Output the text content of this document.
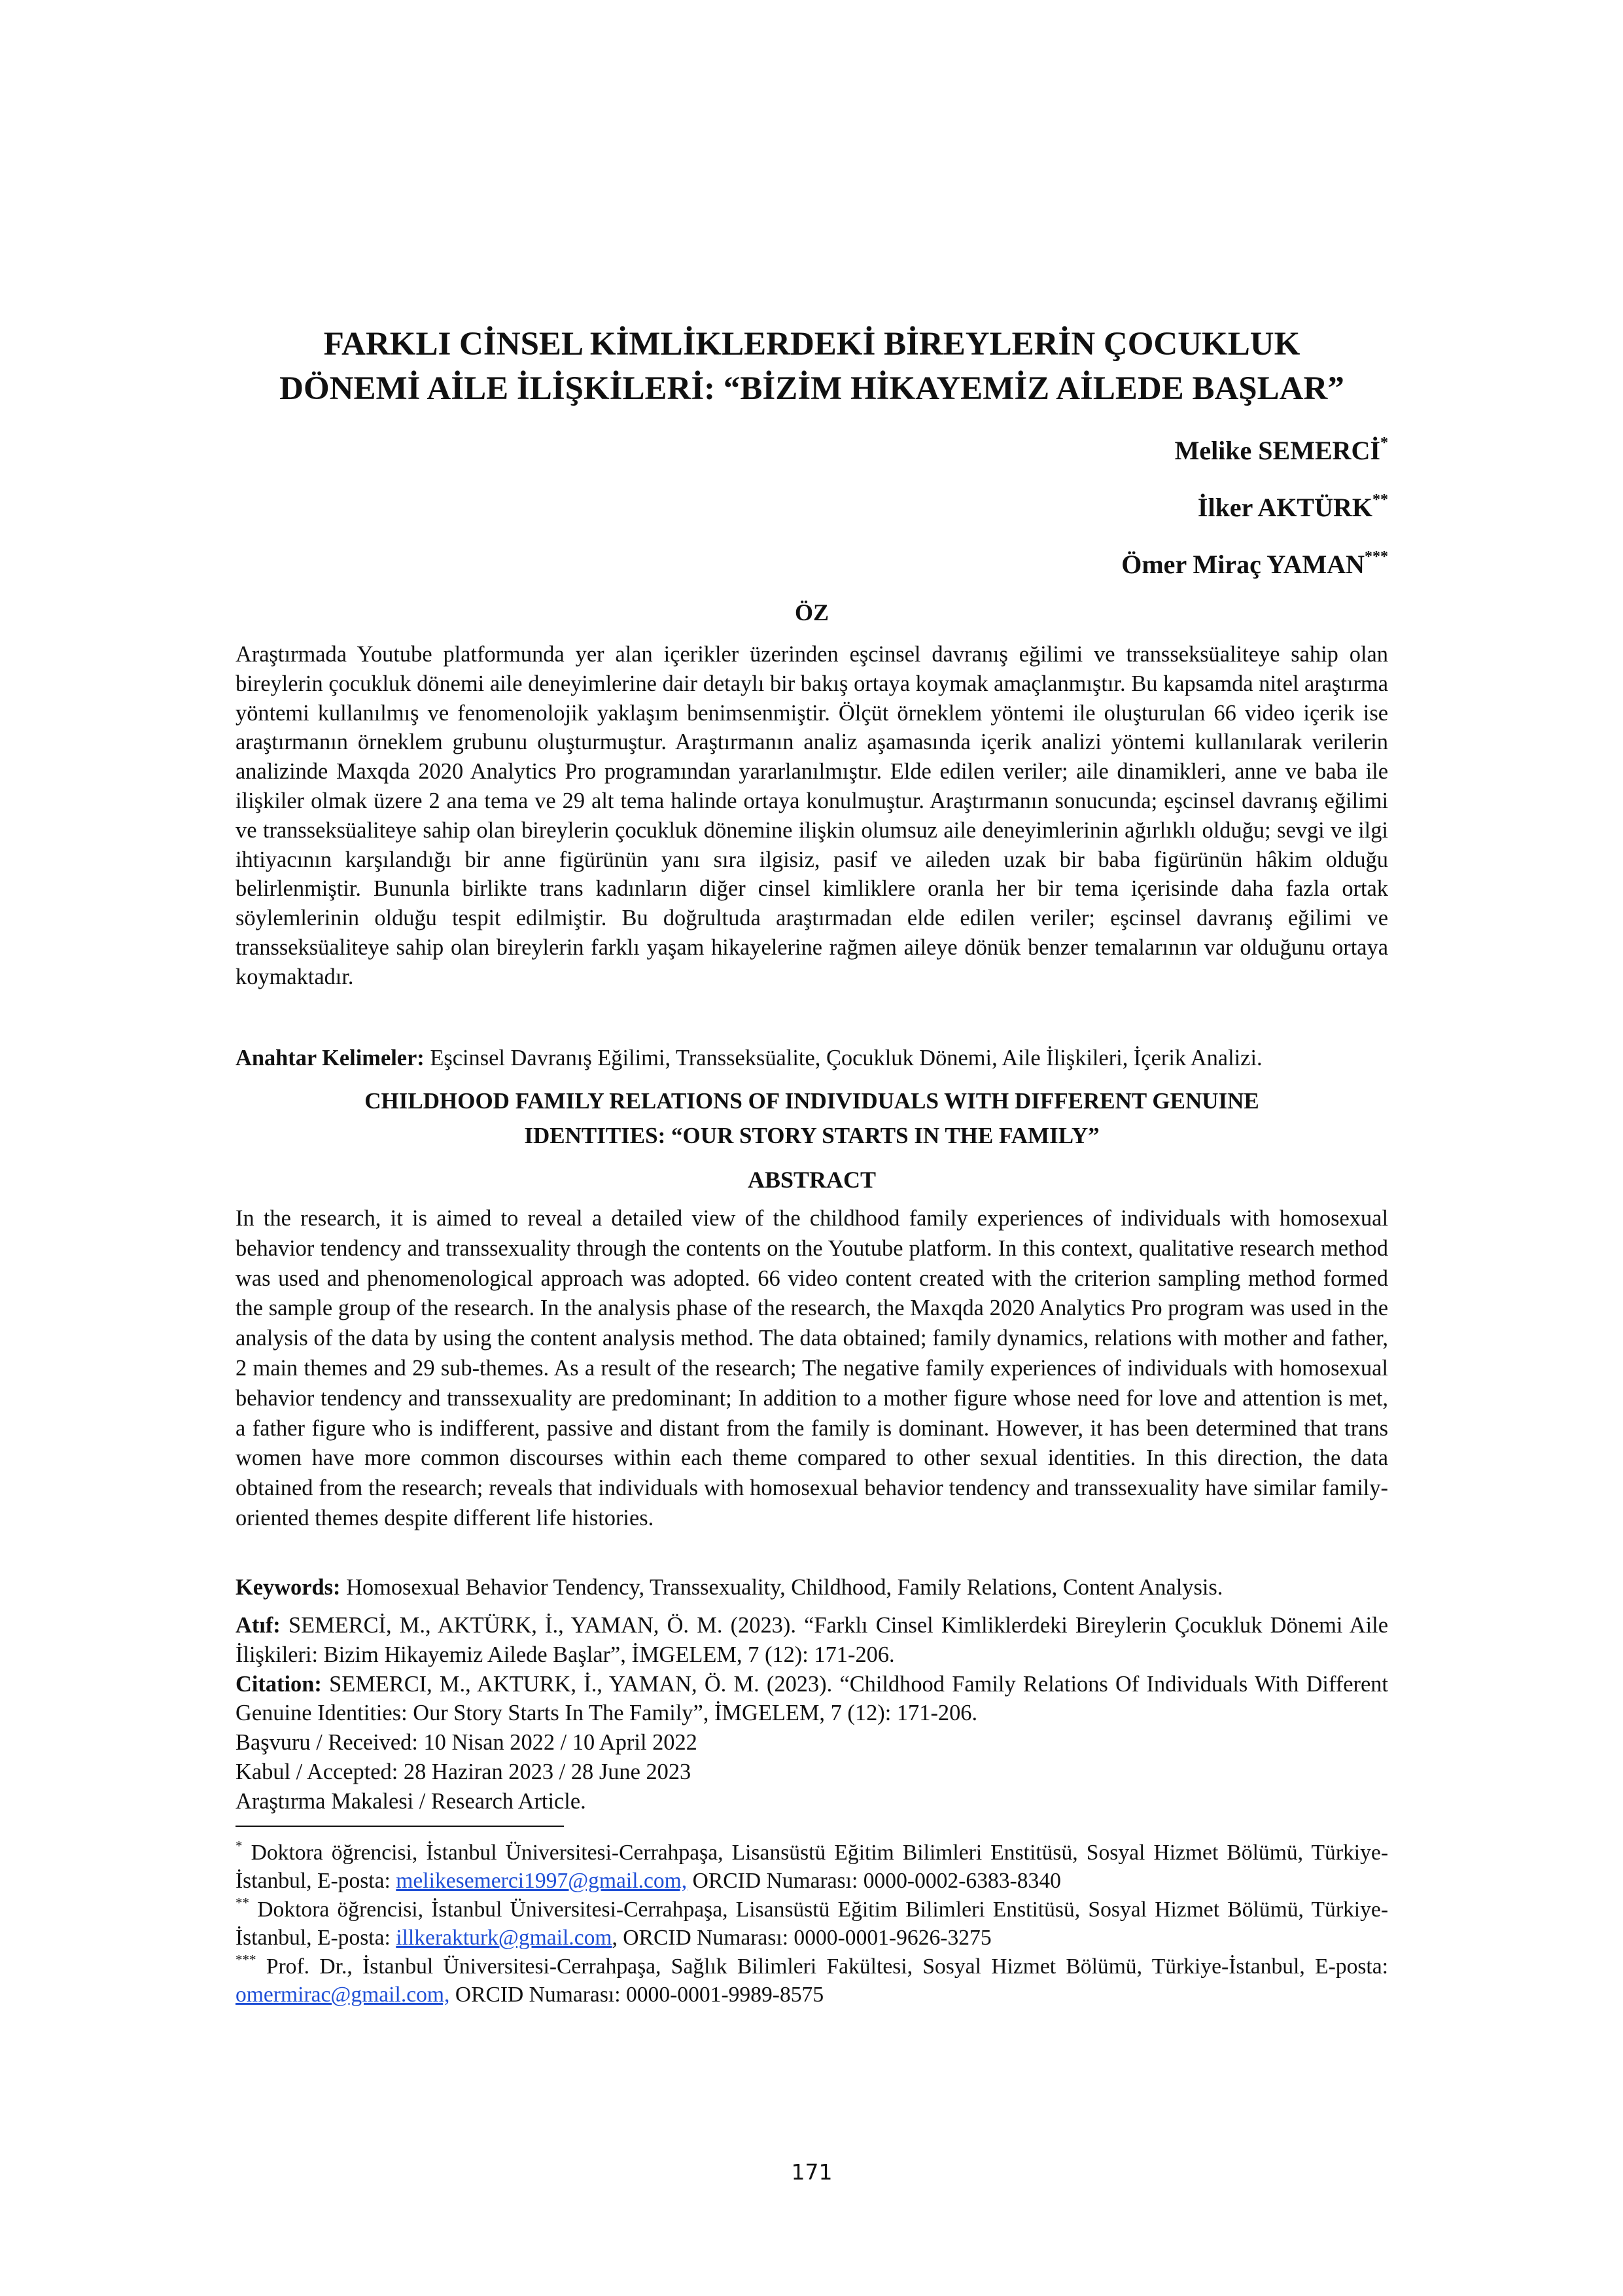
FARKLI CİNSEL KİMLİKLERDEKİ BİREYLERİN ÇOCUKLUK
DÖNEMİ AİLE İLİŞKİLERİ: “BİZİM HİKAYEMİZ AİLEDE BAŞLAR”
Melike SEMERCİ*
İlker AKTÜRK**
Ömer Miraç YAMAN***
ÖZ

Araştırmada Youtube platformunda yer alan içerikler üzerinden eşcinsel davranış eğilimi ve transseksüaliteye sahip olan bireylerin çocukluk dönemi aile deneyimlerine dair detaylı bir bakış ortaya koymak amaçlanmıştır. Bu kapsamda nitel araştırma yöntemi kullanılmış ve fenomenolojik yaklaşım benimsenmiştir. Ölçüt örneklem yöntemi ile oluşturulan 66 video içerik ise araştırmanın örneklem grubunu oluşturmuştur. Araştırmanın analiz aşamasında içerik analizi yöntemi kullanılarak verilerin analizinde Maxqda 2020 Analytics Pro programından yararlanılmıştır. Elde edilen veriler; aile dinamikleri, anne ve baba ile ilişkiler olmak üzere 2 ana tema ve 29 alt tema halinde ortaya konulmuştur. Araştırmanın sonucunda; eşcinsel davranış eğilimi ve transseksüaliteye sahip olan bireylerin çocukluk dönemine ilişkin olumsuz aile deneyimlerinin ağırlıklı olduğu; sevgi ve ilgi ihtiyacının karşılandığı bir anne figürünün yanı sıra ilgisiz, pasif ve aileden uzak bir baba figürünün hâkim olduğu belirlenmiştir. Bununla birlikte trans kadınların diğer cinsel kimliklere oranla her bir tema içerisinde daha fazla ortak söylemlerinin olduğu tespit edilmiştir. Bu doğrultuda araştırmadan elde edilen veriler; eşcinsel davranış eğilimi ve transseksüaliteye sahip olan bireylerin farklı yaşam hikayelerine rağmen aileye dönük benzer temalarının var olduğunu ortaya koymaktadır.

Anahtar Kelimeler: Eşcinsel Davranış Eğilimi, Transseksüalite, Çocukluk Dönemi, Aile İlişkileri, İçerik Analizi.

CHILDHOOD FAMILY RELATIONS OF INDIVIDUALS WITH DIFFERENT GENUINE
IDENTITIES: “OUR STORY STARTS IN THE FAMILY”
ABSTRACT

In the research, it is aimed to reveal a detailed view of the childhood family experiences of individuals with homosexual behavior tendency and transsexuality through the contents on the Youtube platform. In this context, qualitative research method was used and phenomenological approach was adopted. 66 video content created with the criterion sampling method formed the sample group of the research. In the analysis phase of the research, the Maxqda 2020 Analytics Pro program was used in the analysis of the data by using the content analysis method. The data obtained; family dynamics, relations with mother and father, 2 main themes and 29 sub-themes. As a result of the research; The negative family experiences of individuals with homosexual behavior tendency and transsexuality are predominant; In addition to a mother figure whose need for love and attention is met, a father figure who is indifferent, passive and distant from the family is dominant. However, it has been determined that trans women have more common discourses within each theme compared to other sexual identities. In this direction, the data obtained from the research; reveals that individuals with homosexual behavior tendency and transsexuality have similar family-oriented themes despite different life histories.

Keywords: Homosexual Behavior Tendency, Transsexuality, Childhood, Family Relations, Content Analysis.

Atıf: SEMERCİ, M., AKTÜRK, İ., YAMAN, Ö. M. (2023). “Farklı Cinsel Kimliklerdeki Bireylerin Çocukluk Dönemi Aile İlişkileri: Bizim Hikayemiz Ailede Başlar”, İMGELEM, 7 (12): 171-206.

Citation: SEMERCI, M., AKTURK, İ., YAMAN, Ö. M. (2023). “Childhood Family Relations Of Individuals With Different Genuine Identities: Our Story Starts In The Family”, İMGELEM, 7 (12): 171-206.

Başvuru / Received: 10 Nisan 2022 / 10 April 2022

Kabul / Accepted: 28 Haziran 2023 / 28 June 2023

Araştırma Makalesi / Research Article.

* Doktora öğrencisi, İstanbul Üniversitesi-Cerrahpaşa, Lisansüstü Eğitim Bilimleri Enstitüsü, Sosyal Hizmet Bölümü, Türkiye-İstanbul, E-posta: melikesemerci1997@gmail.com, ORCID Numarası: 0000-0002-6383-8340

** Doktora öğrencisi, İstanbul Üniversitesi-Cerrahpaşa, Lisansüstü Eğitim Bilimleri Enstitüsü, Sosyal Hizmet Bölümü, Türkiye-İstanbul, E-posta: illkerakturk@gmail.com, ORCID Numarası: 0000-0001-9626-3275

*** Prof. Dr., İstanbul Üniversitesi-Cerrahpaşa, Sağlık Bilimleri Fakültesi, Sosyal Hizmet Bölümü, Türkiye-İstanbul, E-posta: omermirac@gmail.com, ORCID Numarası: 0000-0001-9989-8575

171
